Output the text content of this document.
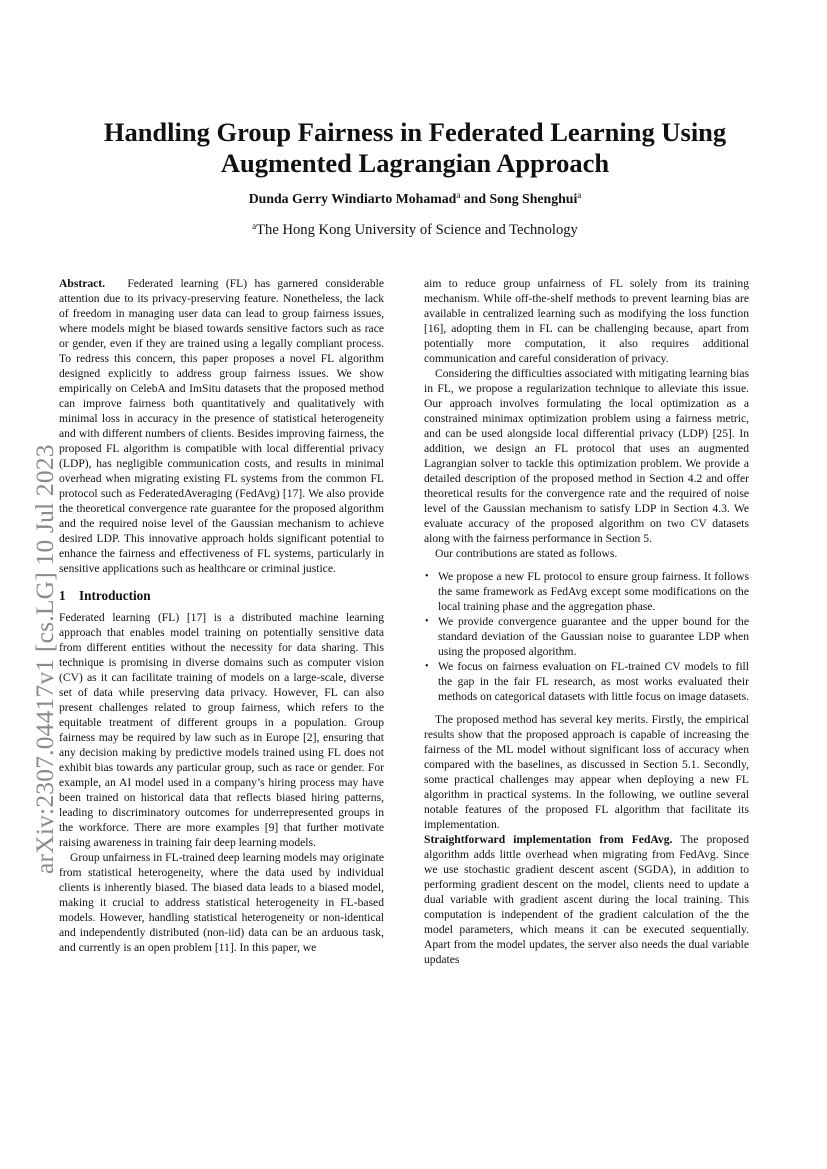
arXiv:2307.04417v1 [cs.LG] 10 Jul 2023
Handling Group Fairness in Federated Learning Using Augmented Lagrangian Approach
Dunda Gerry Windiarto Mohamad$^a$ and Song Shenghui$^a$
$^a$The Hong Kong University of Science and Technology

Abstract. Federated learning (FL) has garnered considerable attention due to its privacy-preserving feature. Nonetheless, the lack of freedom in managing user data can lead to group fairness issues, where models might be biased towards sensitive factors such as race or gender, even if they are trained using a legally compliant process. To redress this concern, this paper proposes a novel FL algorithm designed explicitly to address group fairness issues. We show empirically on CelebA and ImSitu datasets that the proposed method can improve fairness both quantitatively and qualitatively with minimal loss in accuracy in the presence of statistical heterogeneity and with different numbers of clients. Besides improving fairness, the proposed FL algorithm is compatible with local differential privacy (LDP), has negligible communication costs, and results in minimal overhead when migrating existing FL systems from the common FL protocol such as FederatedAveraging (FedAvg) [17]. We also provide the theoretical convergence rate guarantee for the proposed algorithm and the required noise level of the Gaussian mechanism to achieve desired LDP. This innovative approach holds significant potential to enhance the fairness and effectiveness of FL systems, particularly in sensitive applications such as healthcare or criminal justice.

1 Introduction

Federated learning (FL) [17] is a distributed machine learning approach that enables model training on potentially sensitive data from different entities without the necessity for data sharing. This technique is promising in diverse domains such as computer vision (CV) as it can facilitate training of models on a large-scale, diverse set of data while preserving data privacy. However, FL can also present challenges related to group fairness, which refers to the equitable treatment of different groups in a population. Group fairness may be required by law such as in Europe [2], ensuring that any decision making by predictive models trained using FL does not exhibit bias towards any particular group, such as race or gender. For example, an AI model used in a company’s hiring process may have been trained on historical data that reflects biased hiring patterns, leading to discriminatory outcomes for underrepresented groups in the workforce. There are more examples [9] that further motivate raising awareness in training fair deep learning models.

Group unfairness in FL-trained deep learning models may originate from statistical heterogeneity, where the data used by individual clients is inherently biased. The biased data leads to a biased model, making it crucial to address statistical heterogeneity in FL-based models. However, handling statistical heterogeneity or non-identical and independently distributed (non-iid) data can be an arduous task, and currently is an open problem [11]. In this paper, we

aim to reduce group unfairness of FL solely from its training mechanism. While off-the-shelf methods to prevent learning bias are available in centralized learning such as modifying the loss function [16], adopting them in FL can be challenging because, apart from potentially more computation, it also requires additional communication and careful consideration of privacy.

Considering the difficulties associated with mitigating learning bias in FL, we propose a regularization technique to alleviate this issue. Our approach involves formulating the local optimization as a constrained minimax optimization problem using a fairness metric, and can be used alongside local differential privacy (LDP) [25]. In addition, we design an FL protocol that uses an augmented Lagrangian solver to tackle this optimization problem. We provide a detailed description of the proposed method in Section 4.2 and offer theoretical results for the convergence rate and the required of noise level of the Gaussian mechanism to satisfy LDP in Section 4.3. We evaluate accuracy of the proposed algorithm on two CV datasets along with the fairness performance in Section 5.

Our contributions are stated as follows.

• We propose a new FL protocol to ensure group fairness. It follows the same framework as FedAvg except some modifications on the local training phase and the aggregation phase.
• We provide convergence guarantee and the upper bound for the standard deviation of the Gaussian noise to guarantee LDP when using the proposed algorithm.
• We focus on fairness evaluation on FL-trained CV models to fill the gap in the fair FL research, as most works evaluated their methods on categorical datasets with little focus on image datasets.

The proposed method has several key merits. Firstly, the empirical results show that the proposed approach is capable of increasing the fairness of the ML model without significant loss of accuracy when compared with the baselines, as discussed in Section 5.1. Secondly, some practical challenges may appear when deploying a new FL algorithm in practical systems. In the following, we outline several notable features of the proposed FL algorithm that facilitate its implementation.

Straightforward implementation from FedAvg. The proposed algorithm adds little overhead when migrating from FedAvg. Since we use stochastic gradient descent ascent (SGDA), in addition to performing gradient descent on the model, clients need to update a dual variable with gradient ascent during the local training. This computation is independent of the gradient calculation of the the model parameters, which means it can be executed sequentially. Apart from the model updates, the server also needs the dual variable updates
